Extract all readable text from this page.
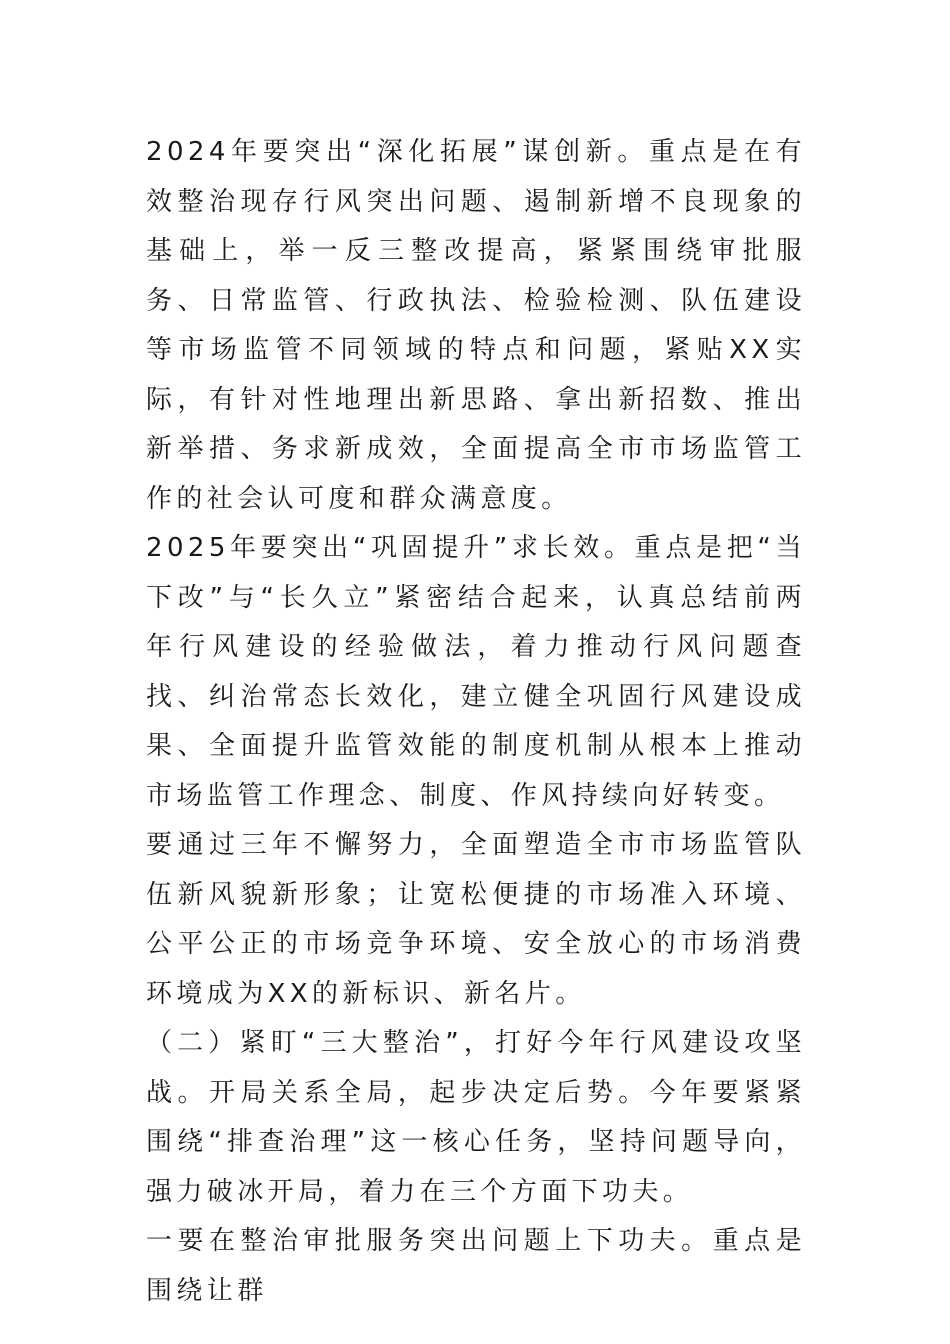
2024年要突出“深化拓展”谋创新。重点是在有效整治现存行风突出问题、遏制新增不良现象的基础上，举一反三整改提高，紧紧围绕审批服务、日常监管、行政执法、检验检测、队伍建设等市场监管不同领域的特点和问题，紧贴XX实际，有针对性地理出新思路、拿出新招数、推出新举措、务求新成效，全面提高全市市场监管工作的社会认可度和群众满意度。

2025年要突出“巩固提升”求长效。重点是把“当下改”与“长久立”紧密结合起来，认真总结前两年行风建设的经验做法，着力推动行风问题查找、纠治常态长效化，建立健全巩固行风建设成果、全面提升监管效能的制度机制从根本上推动市场监管工作理念、制度、作风持续向好转变。

要通过三年不懈努力，全面塑造全市市场监管队伍新风貌新形象；让宽松便捷的市场准入环境、公平公正的市场竞争环境、安全放心的市场消费环境成为XX的新标识、新名片。

（二）紧盯“三大整治”，打好今年行风建设攻坚战。开局关系全局，起步决定后势。今年要紧紧围绕“排查治理”这一核心任务，坚持问题导向，强力破冰开局，着力在三个方面下功夫。

一要在整治审批服务突出问题上下功夫。重点是围绕让群
